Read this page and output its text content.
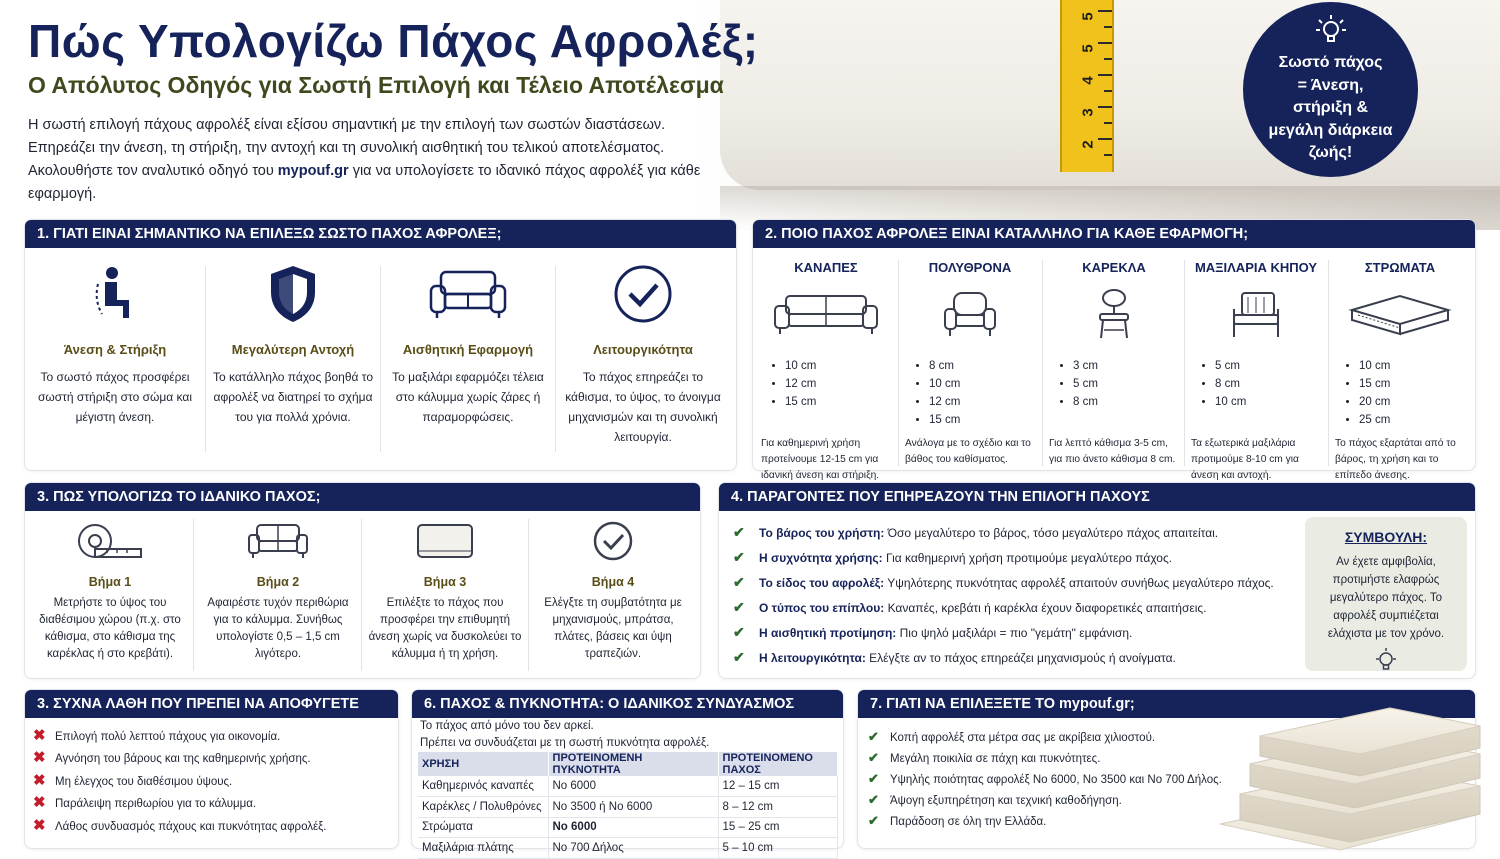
5
5
4
3
2
Πώς Υπολογίζω Πάχος Αφρολέξ;
Ο Απόλυτος Οδηγός για Σωστή Επιλογή και Τέλειο Αποτέλεσμα
Η σωστή επιλογή πάχους αφρολέξ είναι εξίσου σημαντική με την επιλογή των σωστών διαστάσεων. Επηρεάζει την άνεση, τη στήριξη, την αντοχή και τη συνολική αισθητική του τελικού αποτελέσματος. Ακολουθήστε τον αναλυτικό οδηγό του mypouf.gr για να υπολογίσετε το ιδανικό πάχος αφρολέξ για κάθε εφαρμογή.
Σωστό πάχος
= Άνεση,
στήριξη &
μεγάλη διάρκεια
ζωής!
1. ΓΙΑΤΙ ΕΙΝΑΙ ΣΗΜΑΝΤΙΚΟ ΝΑ ΕΠΙΛΕΞΩ ΣΩΣΤΟ ΠΑΧΟΣ ΑΦΡΟΛΕΞ;
Άνεση & Στήριξη
Το σωστό πάχος προσφέρει σωστή στήριξη στο σώμα και μέγιστη άνεση.
Μεγαλύτερη Αντοχή
Το κατάλληλο πάχος βοηθά το αφρολέξ να διατηρεί το σχήμα του για πολλά χρόνια.
Αισθητική Εφαρμογή
Το μαξιλάρι εφαρμόζει τέλεια στο κάλυμμα χωρίς ζάρες ή παραμορφώσεις.
Λειτουργικότητα
Το πάχος επηρεάζει το κάθισμα, το ύψος, το άνοιγμα μηχανισμών και τη συνολική λειτουργία.
2. ΠΟΙΟ ΠΑΧΟΣ ΑΦΡΟΛΕΞ ΕΙΝΑΙ ΚΑΤΑΛΛΗΛΟ ΓΙΑ ΚΑΘΕ ΕΦΑΡΜΟΓΗ;
ΚΑΝΑΠΕΣ
• 10 cm
• 12 cm
• 15 cm
Για καθημερινή χρήση προτείνουμε 12-15 cm για ιδανική άνεση και στήριξη.
ΠΟΛΥΘΡΟΝΑ
• 8 cm
• 10 cm
• 12 cm
• 15 cm
Ανάλογα με το σχέδιο και το βάθος του καθίσματος.
ΚΑΡΕΚΛΑ
• 3 cm
• 5 cm
• 8 cm
Για λεπτό κάθισμα 3-5 cm, για πιο άνετο κάθισμα 8 cm.
ΜΑΞΙΛΑΡΙΑ ΚΗΠΟΥ
• 5 cm
• 8 cm
• 10 cm
Τα εξωτερικά μαξιλάρια προτιμούμε 8-10 cm για άνεση και αντοχή.
ΣΤΡΩΜΑΤΑ
• 10 cm
• 15 cm
• 20 cm
• 25 cm
Το πάχος εξαρτάται από το βάρος, τη χρήση και το επίπεδο άνεσης.
3. ΠΩΣ ΥΠΟΛΟΓΙΖΩ ΤΟ ΙΔΑΝΙΚΟ ΠΑΧΟΣ;
Βήμα 1
Μετρήστε το ύψος του διαθέσιμου χώρου (π.χ. στο κάθισμα, στο κάθισμα της καρέκλας ή στο κρεβάτι).
Βήμα 2
Αφαιρέστε τυχόν περιθώρια για το κάλυμμα. Συνήθως υπολογίστε 0,5 – 1,5 cm λιγότερο.
Βήμα 3
Επιλέξτε το πάχος που προσφέρει την επιθυμητή άνεση χωρίς να δυσκολεύει το κάλυμμα ή τη χρήση.
Βήμα 4
Ελέγξτε τη συμβατότητα με μηχανισμούς, μπράτσα, πλάτες, βάσεις και ύψη τραπεζιών.
4. ΠΑΡΑΓΟΝΤΕΣ ΠΟΥ ΕΠΗΡΕΑΖΟΥΝ ΤΗΝ ΕΠΙΛΟΓΗ ΠΑΧΟΥΣ
✔ Το βάρος του χρήστη: Όσο μεγαλύτερο το βάρος, τόσο μεγαλύτερο πάχος απαιτείται.
✔ Η συχνότητα χρήσης: Για καθημερινή χρήση προτιμούμε μεγαλύτερο πάχος.
✔ Το είδος του αφρολέξ: Υψηλότερης πυκνότητας αφρολέξ απαιτούν συνήθως μεγαλύτερο πάχος.
✔ Ο τύπος του επίπλου: Καναπές, κρεβάτι ή καρέκλα έχουν διαφορετικές απαιτήσεις.
✔ Η αισθητική προτίμηση: Πιο ψηλό μαξιλάρι = πιο "γεμάτη" εμφάνιση.
✔ Η λειτουργικότητα: Ελέγξτε αν το πάχος επηρεάζει μηχανισμούς ή ανοίγματα.
ΣΥΜΒΟΥΛΗ:
Αν έχετε αμφιβολία, προτιμήστε ελαφρώς μεγαλύτερο πάχος. Το αφρολέξ συμπιέζεται ελάχιστα με τον χρόνο.
3. ΣΥΧΝΑ ΛΑΘΗ ΠΟΥ ΠΡΕΠΕΙ ΝΑ ΑΠΟΦΥΓΕΤΕ
✖ Επιλογή πολύ λεπτού πάχους για οικονομία.
✖ Αγνόηση του βάρους και της καθημερινής χρήσης.
✖ Μη έλεγχος του διαθέσιμου ύψους.
✖ Παράλειψη περιθωρίου για το κάλυμμα.
✖ Λάθος συνδυασμός πάχους και πυκνότητας αφρολέξ.
6. ΠΑΧΟΣ & ΠΥΚΝΟΤΗΤΑ: Ο ΙΔΑΝΙΚΟΣ ΣΥΝΔΥΑΣΜΟΣ
Το πάχος από μόνο του δεν αρκεί.
Πρέπει να συνδυάζεται με τη σωστή πυκνότητα αφρολέξ.
ΧΡΗΣΗ	ΠΡΟΤΕΙΝΟΜΕΝΗ ΠΥΚΝΟΤΗΤΑ	ΠΡΟΤΕΙΝΟΜΕΝΟ ΠΑΧΟΣ
Καθημερινός καναπές	Νο 6000	12 – 15 cm
Καρέκλες / Πολυθρόνες	Νο 3500 ή Νο 6000	8 – 12 cm
Στρώματα	Νο 6000	15 – 25 cm
Μαξιλάρια πλάτης	Νο 700 Δήλος	5 – 10 cm
7. ΓΙΑΤΙ ΝΑ ΕΠΙΛΕΞΕΤΕ ΤΟ mypouf.gr;
✔ Κοπή αφρολέξ στα μέτρα σας με ακρίβεια χιλιοστού.
✔ Μεγάλη ποικιλία σε πάχη και πυκνότητες.
✔ Υψηλής ποιότητας αφρολέξ Νο 6000, Νο 3500 και Νο 700 Δήλος.
✔ Άψογη εξυπηρέτηση και τεχνική καθοδήγηση.
✔ Παράδοση σε όλη την Ελλάδα.
